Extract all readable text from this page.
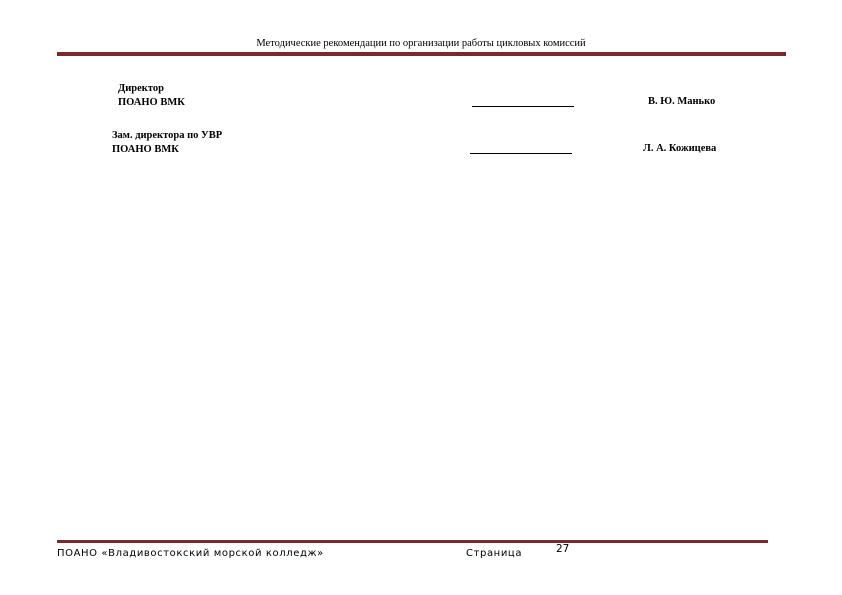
Методические рекомендации по организации работы цикловых комиссий
Директор
ПОАНО ВМК	В. Ю. Манько
Зам. директора по УВР
ПОАНО ВМК	Л. А. Кожицева
ПОАНО «Владивостокский морской колледж»	Страница	27
